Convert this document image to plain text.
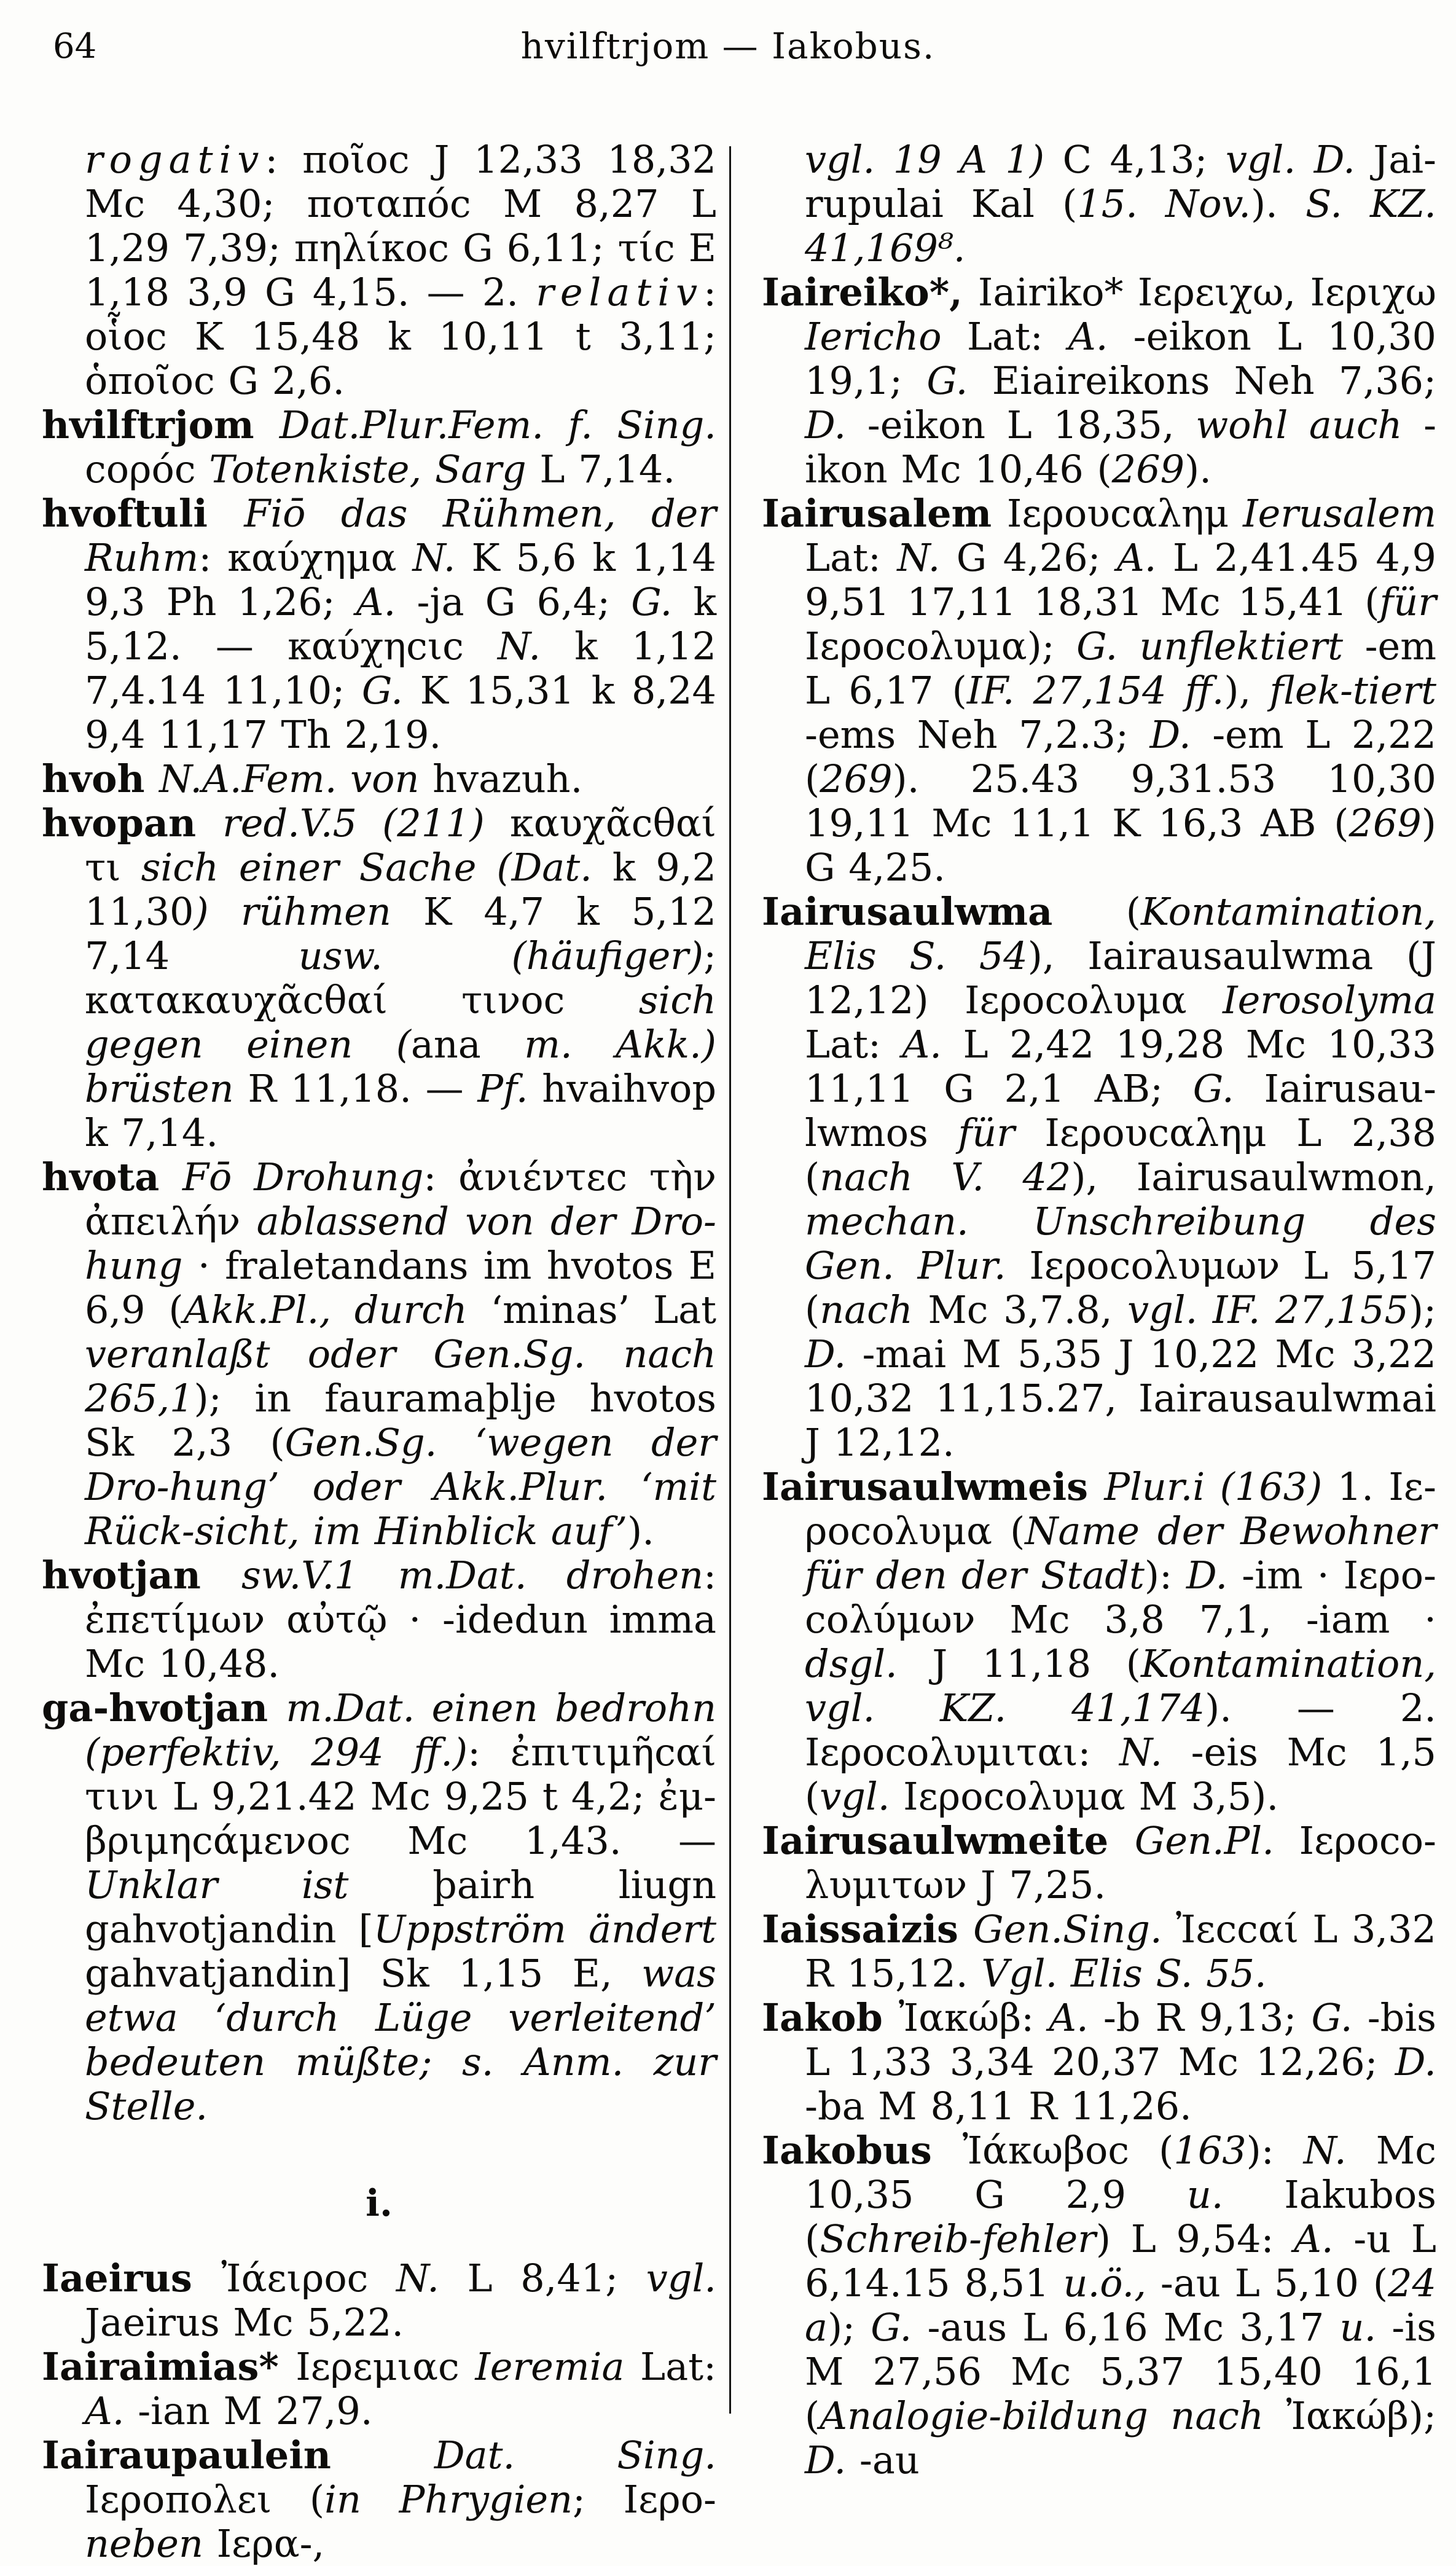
64	hvilftrjom — Iakobus.

rogativ: ποῖοc J 12,33 18,32 Mc 4,30; ποταπόc M 8,27 L 1,29 7,39; πηλίκοc G 6,11; τίc E 1,18 3,9 G 4,15. — 2. relativ: οἷοc K 15,48 k 10,11 t 3,11; ὁποῖοc G 2,6.

hvilftrjom Dat.Plur.Fem. f. Sing. cορόc Totenkiste, Sarg L 7,14.

hvoftuli Fiō das Rühmen, der Ruhm: καύχημα N. K 5,6 k 1,14 9,3 Ph 1,26; A. -ja G 6,4; G. k 5,12. — καύχηcιc N. k 1,12 7,4.14 11,10; G. K 15,31 k 8,24 9,4 11,17 Th 2,19.

hvoh N.A.Fem. von hvazuh.

hvopan red.V.5 (211) καυχᾶcθαί τι sich einer Sache (Dat. k 9,2 11,30) rühmen K 4,7 k 5,12 7,14 usw. (häufiger); κατακαυχᾶcθαί τινοc sich gegen einen (ana m. Akk.) brüsten R 11,18. — Pf. hvaihvop k 7,14.

hvota Fō Drohung: ἀνιέντεc τὴν ἀπειλήν ablassend von der Dro-hung · fraletandans im hvotos E 6,9 (Akk.Pl., durch ‘minas’ Lat veranlaßt oder Gen.Sg. nach 265,1); in fauramaþlje hvotos Sk 2,3 (Gen.Sg. ‘wegen der Dro-hung’ oder Akk.Plur. ‘mit Rück-sicht, im Hinblick auf’).

hvotjan sw.V.1 m.Dat. drohen: ἐπετίμων αὐτῷ · -idedun imma Mc 10,48.

ga-hvotjan m.Dat. einen bedrohn (perfektiv, 294 ff.): ἐπιτιμῆcαί τινι L 9,21.42 Mc 9,25 t 4,2; ἐμ-βριμηcάμενοc Mc 1,43. — Unklar ist þairh liugn gahvotjandin [Uppström ändert gahvatjandin] Sk 1,15 E, was etwa ‘durch Lüge verleitend’ bedeuten müßte; s. Anm. zur Stelle.

i.

Iaeirus Ἰάειροc N. L 8,41; vgl. Jaeirus Mc 5,22.

Iairaimias* Ιερεμιαc Ieremia Lat: A. -ian M 27,9.

Iairaupaulein Dat. Sing. Ιεροπολει (in Phrygien; Ιερο- neben Ιερα-,

vgl. 19 A 1) C 4,13; vgl. D. Jai-rupulai Kal (15. Nov.). S. KZ. 41,169⁸.

Iaireiko*, Iairiko* Ιερειχω, Ιεριχω Iericho Lat: A. -eikon L 10,30 19,1; G. Eiaireikons Neh 7,36; D. -eikon L 18,35, wohl auch -ikon Mc 10,46 (269).

Iairusalem Ιερουcαλημ Ierusalem Lat: N. G 4,26; A. L 2,41.45 4,9 9,51 17,11 18,31 Mc 15,41 (für Ιεροcολυμα); G. unflektiert -em L 6,17 (IF. 27,154 ff.), flek-tiert -ems Neh 7,2.3; D. -em L 2,22 (269). 25.43 9,31.53 10,30 19,11 Mc 11,1 K 16,3 AB (269) G 4,25.

Iairusaulwma (Kontamination, Elis S. 54), Iairausaulwma (J 12,12) Ιεροcολυμα Ierosolyma Lat: A. L 2,42 19,28 Mc 10,33 11,11 G 2,1 AB; G. Iairusau-lwmos für Ιερουcαλημ L 2,38 (nach V. 42), Iairusaulwmon, mechan. Unschreibung des Gen. Plur. Ιεροcολυμων L 5,17 (nach Mc 3,7.8, vgl. IF. 27,155); D. -mai M 5,35 J 10,22 Mc 3,22 10,32 11,15.27, Iairausaulwmai J 12,12.

Iairusaulwmeis Plur.i (163) 1. Ιε-ροcολυμα (Name der Bewohner für den der Stadt): D. -im · Ιερο-cολύμων Mc 3,8 7,1, -iam · dsgl. J 11,18 (Kontamination, vgl. KZ. 41,174). — 2. Ιεροcολυμιται: N. -eis Mc 1,5 (vgl. Ιεροcολυμα M 3,5).

Iairusaulwmeite Gen.Pl. Ιεροcο-λυμιτων J 7,25.

Iaissaizis Gen.Sing. Ἰεccαί L 3,32 R 15,12. Vgl. Elis S. 55.

Iakob Ἰακώβ: A. -b R 9,13; G. -bis L 1,33 3,34 20,37 Mc 12,26; D. -ba M 8,11 R 11,26.

Iakobus Ἰάκωβοc (163): N. Mc 10,35 G 2,9 u. Iakubos (Schreib-fehler) L 9,54: A. -u L 6,14.15 8,51 u.ö., -au L 5,10 (24 a); G. -aus L 6,16 Mc 3,17 u. -is M 27,56 Mc 5,37 15,40 16,1 (Analogie-bildung nach Ἰακώβ); D. -au
